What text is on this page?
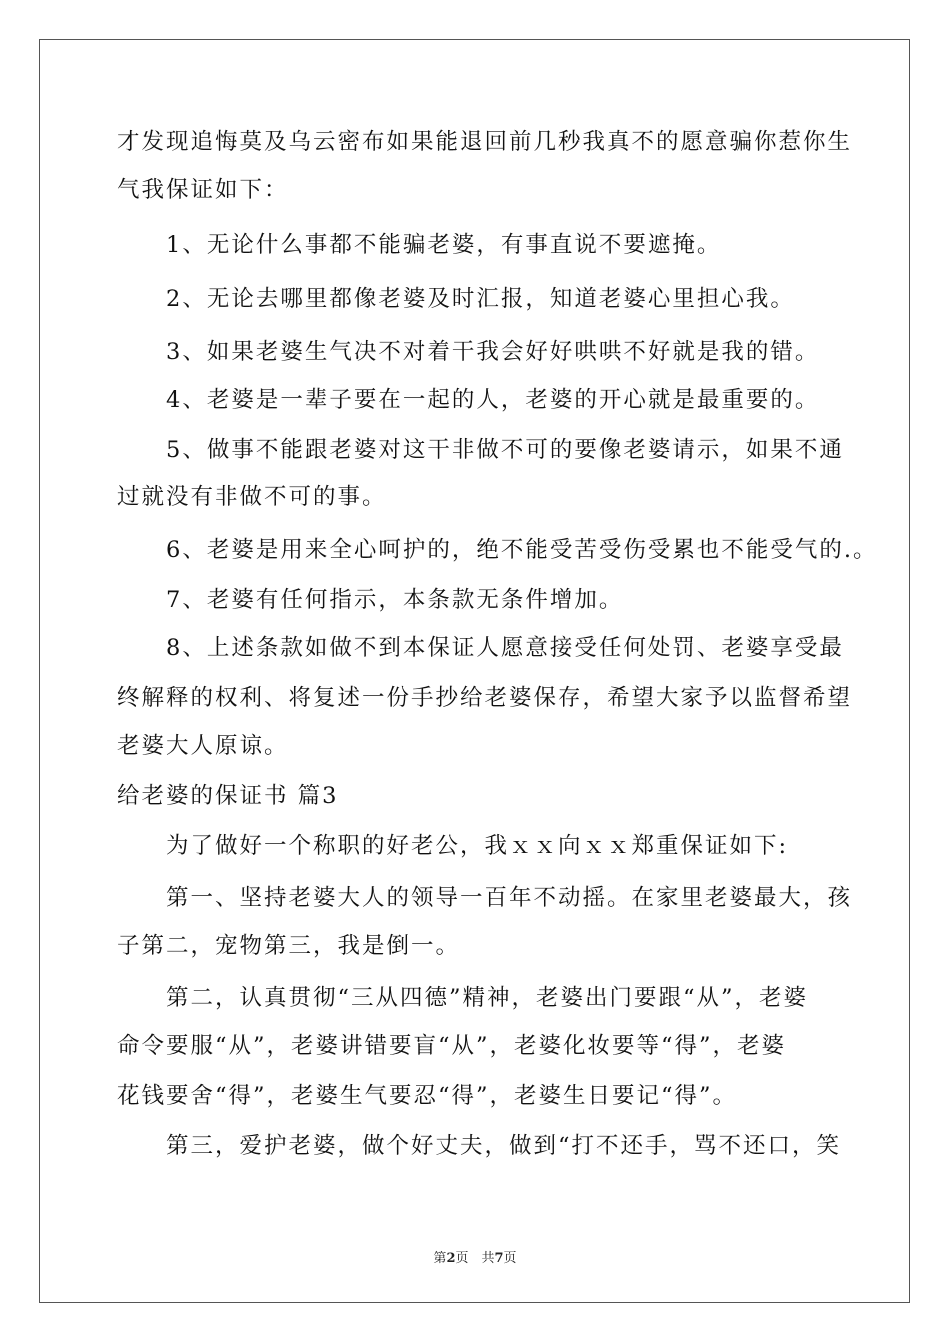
才发现追悔莫及乌云密布如果能退回前几秒我真不的愿意骗你惹你生
气我保证如下：
　　1、无论什么事都不能骗老婆，有事直说不要遮掩。
　　2、无论去哪里都像老婆及时汇报，知道老婆心里担心我。
　　3、如果老婆生气决不对着干我会好好哄哄不好就是我的错。
　　4、老婆是一辈子要在一起的人，老婆的开心就是最重要的。
　　5、做事不能跟老婆对这干非做不可的要像老婆请示，如果不通
过就没有非做不可的事。
　　6、老婆是用来全心呵护的，绝不能受苦受伤受累也不能受气的.。
　　7、老婆有任何指示，本条款无条件增加。
　　8、上述条款如做不到本保证人愿意接受任何处罚、老婆享受最
终解释的权利、将复述一份手抄给老婆保存，希望大家予以监督希望
老婆大人原谅。
给老婆的保证书 篇3
　　为了做好一个称职的好老公，我ｘｘ向ｘｘ郑重保证如下:
　　第一、坚持老婆大人的领导一百年不动摇。在家里老婆最大，孩
子第二，宠物第三，我是倒一。
　　第二，认真贯彻“三从四德”精神，老婆出门要跟“从”，老婆
命令要服“从”，老婆讲错要盲“从”，老婆化妆要等“得”，老婆
花钱要舍“得”，老婆生气要忍“得”，老婆生日要记“得”。
　　第三，爱护老婆，做个好丈夫，做到“打不还手，骂不还口，笑
第2页　共7页
